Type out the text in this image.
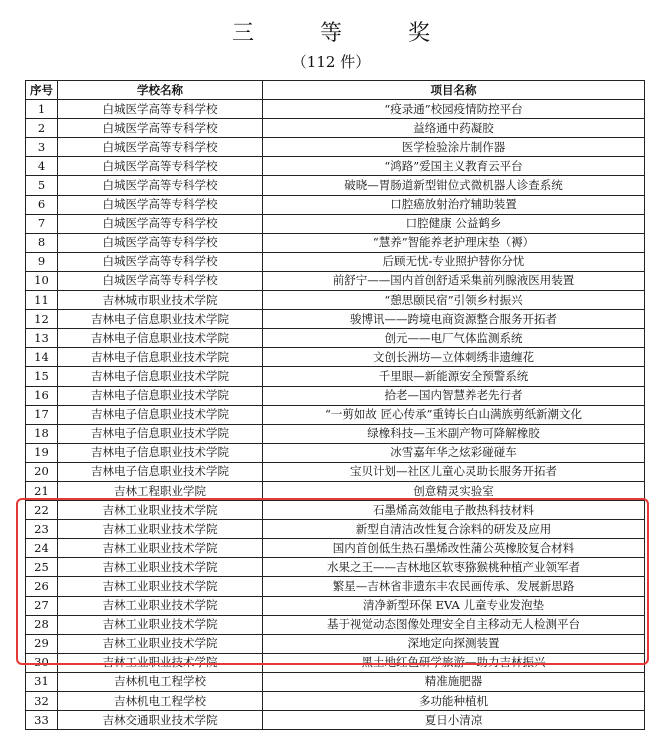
三　等　奖
（112 件）
序号	学校名称	项目名称
1	白城医学高等专科学校	“疫录通”校园疫情防控平台
2	白城医学高等专科学校	益络通中药凝胶
3	白城医学高等专科学校	医学检验涂片制作器
4	白城医学高等专科学校	“鸿路”爱国主义教育云平台
5	白城医学高等专科学校	破晓—胃肠道新型钳位式微机器人诊查系统
6	白城医学高等专科学校	口腔癌放射治疗辅助装置
7	白城医学高等专科学校	口腔健康 公益鹤乡
8	白城医学高等专科学校	“慧养”智能养老护理床垫（褥）
9	白城医学高等专科学校	后顾无忧-专业照护替你分忧
10	白城医学高等专科学校	前舒宁——国内首创舒适采集前列腺液医用装置
11	吉林城市职业技术学院	“憩思颐民宿”引领乡村振兴
12	吉林电子信息职业技术学院	骏博讯——跨境电商资源整合服务开拓者
13	吉林电子信息职业技术学院	创元——电厂气体监测系统
14	吉林电子信息职业技术学院	文创长洲坊—立体刺绣非遗缠花
15	吉林电子信息职业技术学院	千里眼—新能源安全预警系统
16	吉林电子信息职业技术学院	拾老—国内智慧养老先行者
17	吉林电子信息职业技术学院	“一剪如故 匠心传承”重铸长白山满族剪纸新潮文化
18	吉林电子信息职业技术学院	绿橡科技—玉米副产物可降解橡胶
19	吉林电子信息职业技术学院	冰雪嘉年华之炫彩碰碰车
20	吉林电子信息职业技术学院	宝贝计划—社区儿童心灵助长服务开拓者
21	吉林工程职业学院	创意精灵实验室
22	吉林工业职业技术学院	石墨烯高效能电子散热科技材料
23	吉林工业职业技术学院	新型自清洁改性复合涂料的研发及应用
24	吉林工业职业技术学院	国内首创低生热石墨烯改性蒲公英橡胶复合材料
25	吉林工业职业技术学院	水果之王——吉林地区软枣猕猴桃种植产业领军者
26	吉林工业职业技术学院	繁星—吉林省非遗东丰农民画传承、发展新思路
27	吉林工业职业技术学院	清净新型环保 EVA 儿童专业发泡垫
28	吉林工业职业技术学院	基于视觉动态图像处理安全自主移动无人检测平台
29	吉林工业职业技术学院	深地定向探测装置
30	吉林工业职业技术学院	黑土地红色研学旅游—助力吉林振兴
31	吉林机电工程学校	精准施肥器
32	吉林机电工程学校	多功能种植机
33	吉林交通职业技术学院	夏日小清凉
